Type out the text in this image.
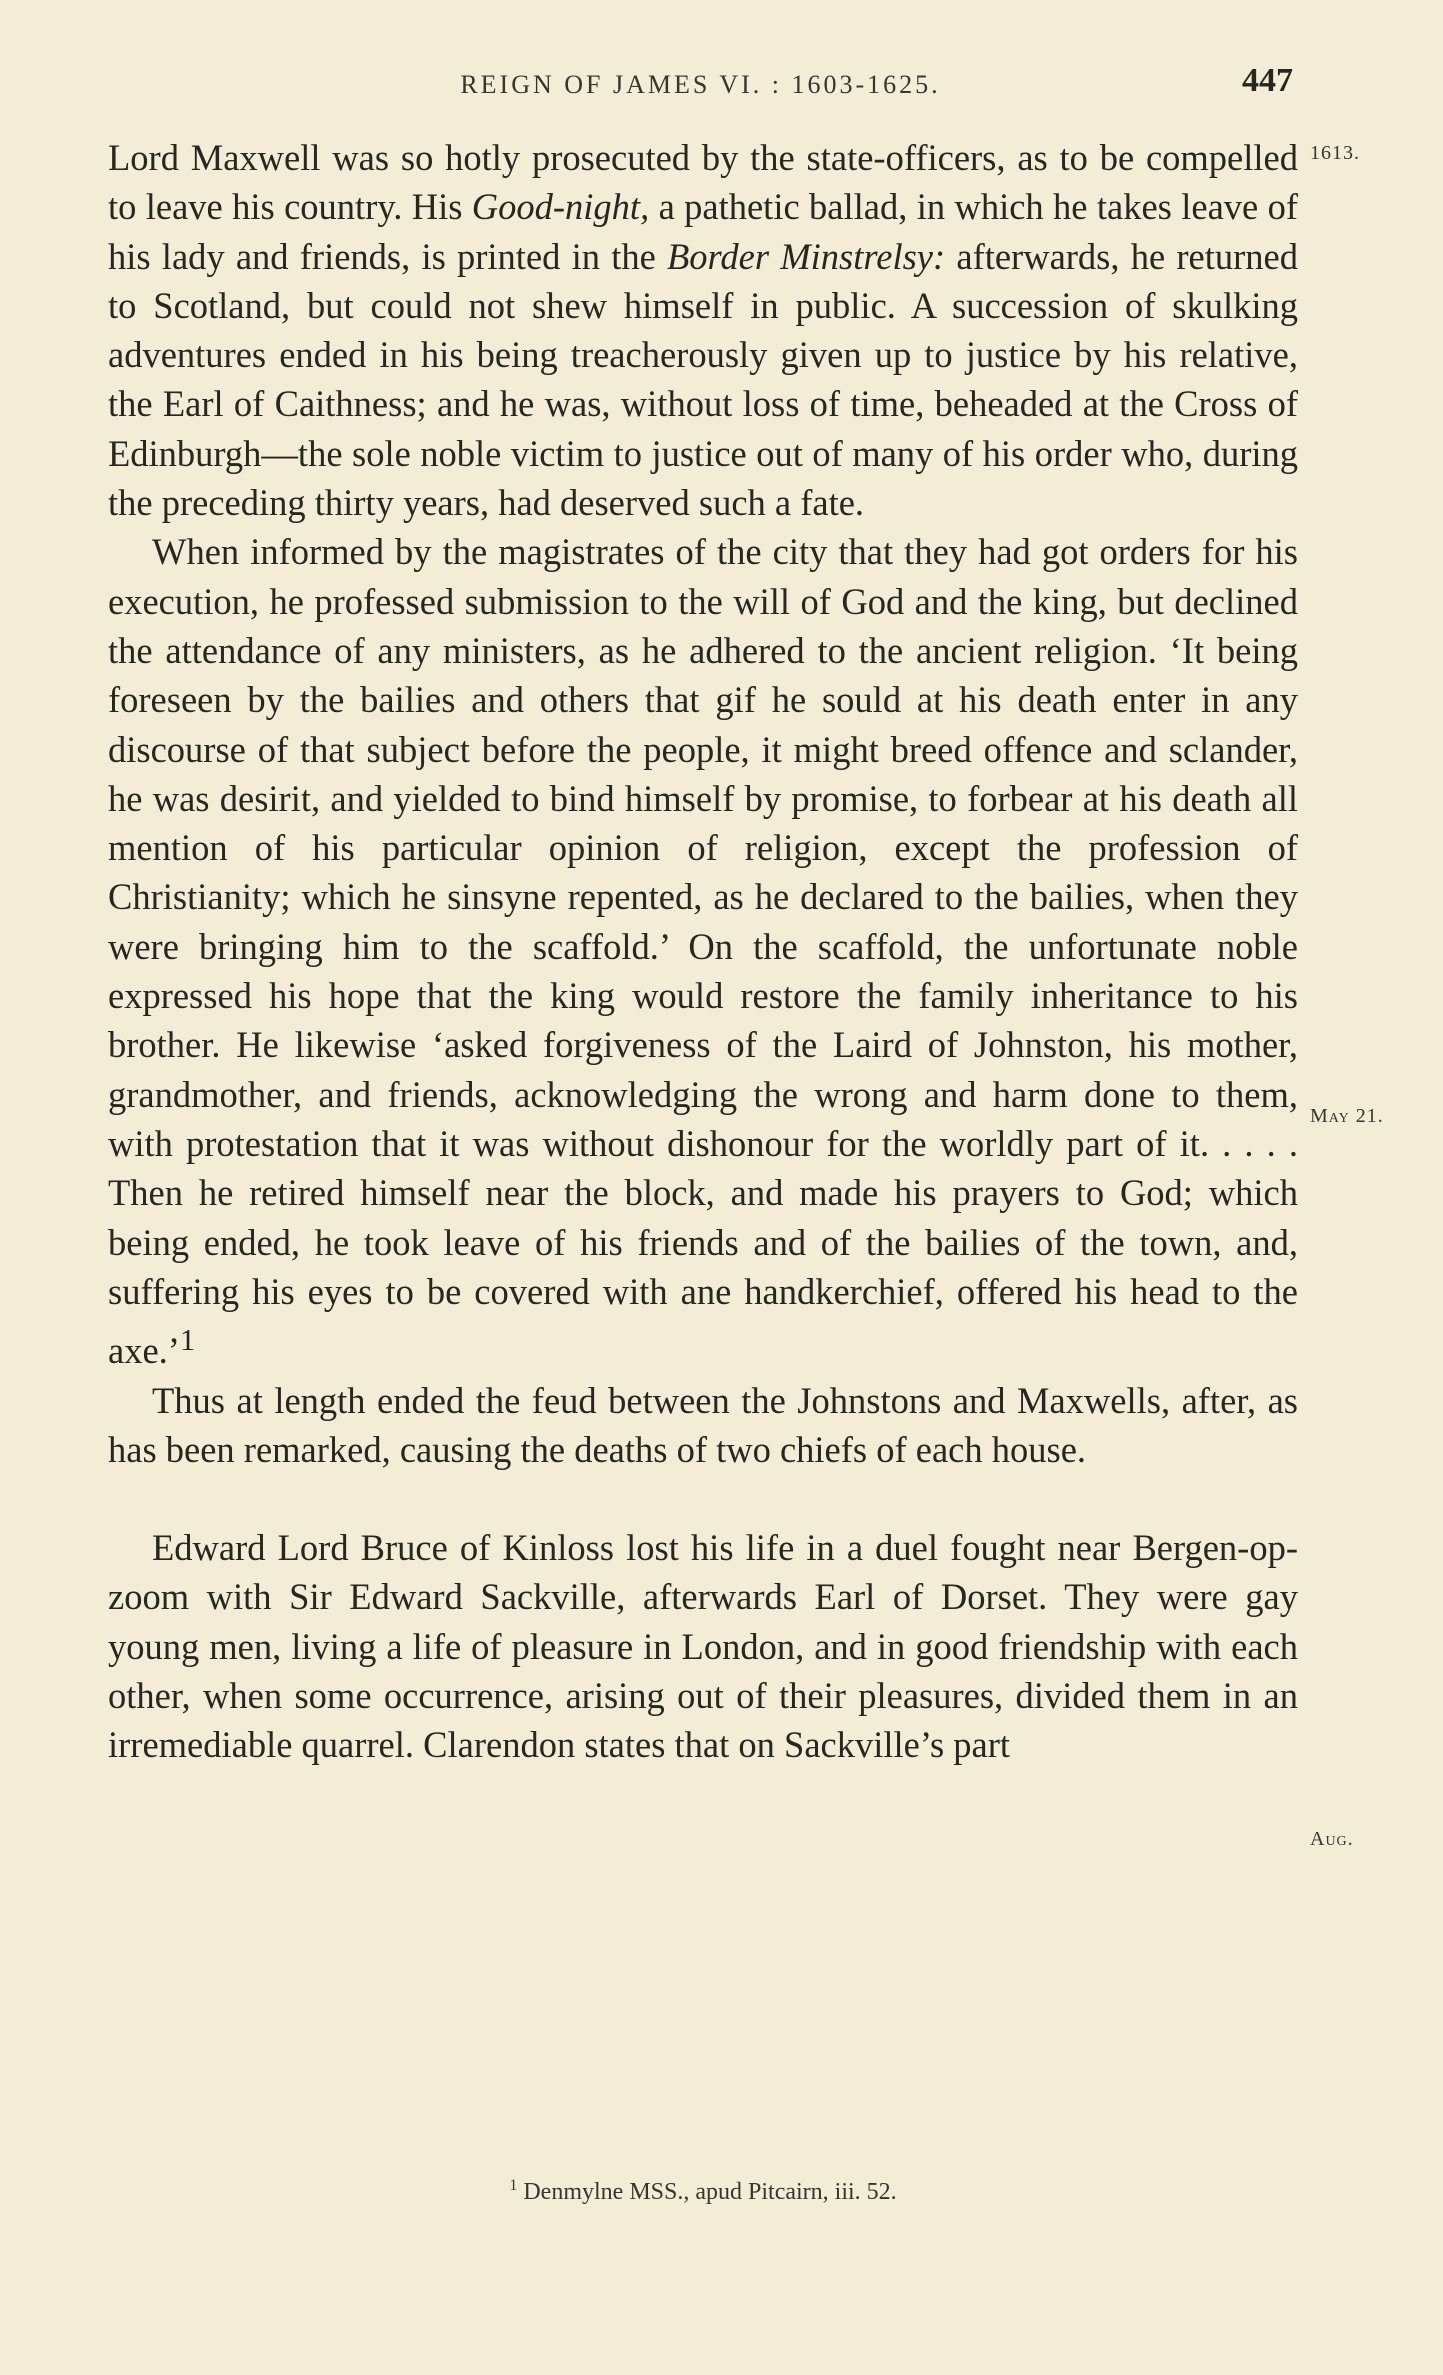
REIGN OF JAMES VI. : 1603-1625.	447
1613.
May 21.
Aug.

Lord Maxwell was so hotly prosecuted by the state-officers, as to be compelled to leave his country. His Good-night, a pathetic ballad, in which he takes leave of his lady and friends, is printed in the Border Minstrelsy: afterwards, he returned to Scotland, but could not shew himself in public. A succession of skulking adventures ended in his being treacherously given up to justice by his relative, the Earl of Caithness; and he was, without loss of time, beheaded at the Cross of Edinburgh—the sole noble victim to justice out of many of his order who, during the preceding thirty years, had deserved such a fate.

When informed by the magistrates of the city that they had got orders for his execution, he professed submission to the will of God and the king, but declined the attendance of any ministers, as he adhered to the ancient religion. ‘It being foreseen by the bailies and others that gif he sould at his death enter in any discourse of that subject before the people, it might breed offence and sclander, he was desirit, and yielded to bind himself by promise, to forbear at his death all mention of his particular opinion of religion, except the profession of Christianity; which he sinsyne repented, as he declared to the bailies, when they were bringing him to the scaffold.’ On the scaffold, the unfortunate noble expressed his hope that the king would restore the family inheritance to his brother. He likewise ‘asked forgiveness of the Laird of Johnston, his mother, grandmother, and friends, acknowledging the wrong and harm done to them, with protestation that it was without dishonour for the worldly part of it. . . . . Then he retired himself near the block, and made his prayers to God; which being ended, he took leave of his friends and of the bailies of the town, and, suffering his eyes to be covered with ane handkerchief, offered his head to the axe.’$^1$

Thus at length ended the feud between the Johnstons and Maxwells, after, as has been remarked, causing the deaths of two chiefs of each house.

Edward Lord Bruce of Kinloss lost his life in a duel fought near Bergen-op-zoom with Sir Edward Sackville, afterwards Earl of Dorset. They were gay young men, living a life of pleasure in London, and in good friendship with each other, when some occurrence, arising out of their pleasures, divided them in an irremediable quarrel. Clarendon states that on Sackville’s part

$^1$ Denmylne MSS., apud Pitcairn, iii. 52.
